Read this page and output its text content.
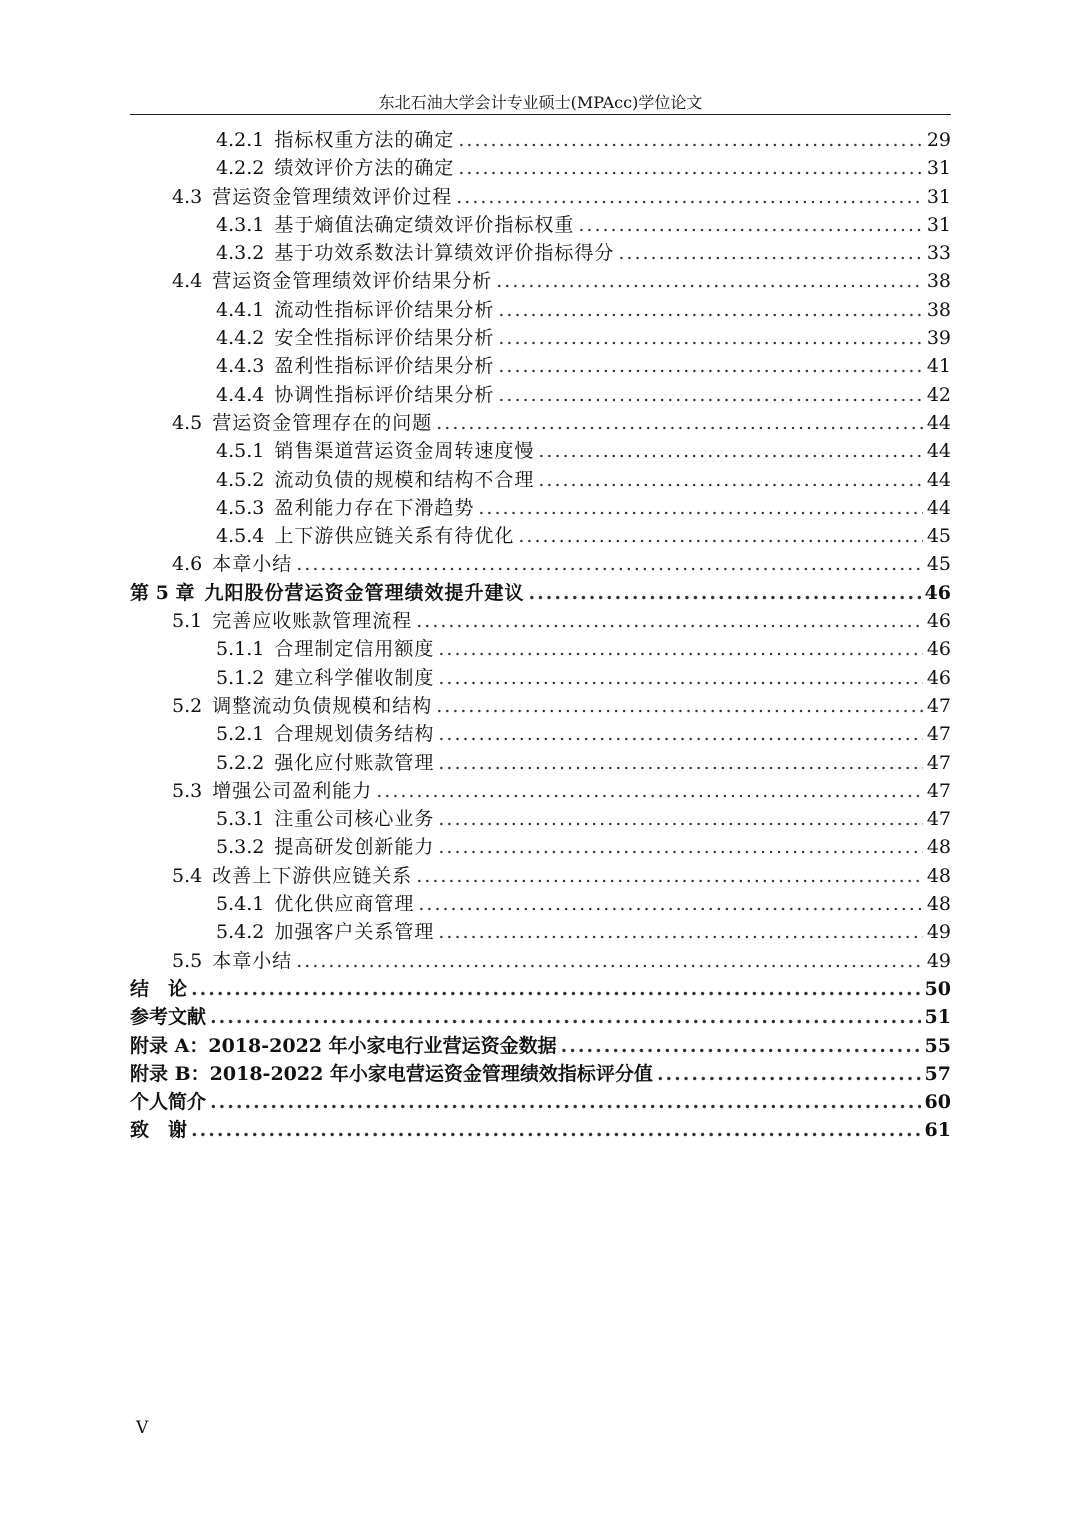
东北石油大学会计专业硕士(MPAcc)学位论文
4.2.1 指标权重方法的确定 .....	29
4.2.2 绩效评价方法的确定 .....	31
4.3 营运资金管理绩效评价过程 .....	31
4.3.1 基于熵值法确定绩效评价指标权重 .....	31
4.3.2 基于功效系数法计算绩效评价指标得分 .....	33
4.4 营运资金管理绩效评价结果分析 .....	38
4.4.1 流动性指标评价结果分析 .....	38
4.4.2 安全性指标评价结果分析 .....	39
4.4.3 盈利性指标评价结果分析 .....	41
4.4.4 协调性指标评价结果分析 .....	42
4.5 营运资金管理存在的问题 .....	44
4.5.1 销售渠道营运资金周转速度慢 .....	44
4.5.2 流动负债的规模和结构不合理 .....	44
4.5.3 盈利能力存在下滑趋势 .....	44
4.5.4 上下游供应链关系有待优化 .....	45
4.6 本章小结 .....	45
第 5 章 九阳股份营运资金管理绩效提升建议 .....	46
5.1 完善应收账款管理流程 .....	46
5.1.1 合理制定信用额度 .....	46
5.1.2 建立科学催收制度 .....	46
5.2 调整流动负债规模和结构 .....	47
5.2.1 合理规划债务结构 .....	47
5.2.2 强化应付账款管理 .....	47
5.3 增强公司盈利能力 .....	47
5.3.1 注重公司核心业务 .....	47
5.3.2 提高研发创新能力 .....	48
5.4 改善上下游供应链关系 .....	48
5.4.1 优化供应商管理 .....	48
5.4.2 加强客户关系管理 .....	49
5.5 本章小结 .....	49
结　论 .....	50
参考文献 .....	51
附录 A：2018-2022 年小家电行业营运资金数据 .....	55
附录 B：2018-2022 年小家电营运资金管理绩效指标评分值 .....	57
个人简介 .....	60
致　谢 .....	61
V
